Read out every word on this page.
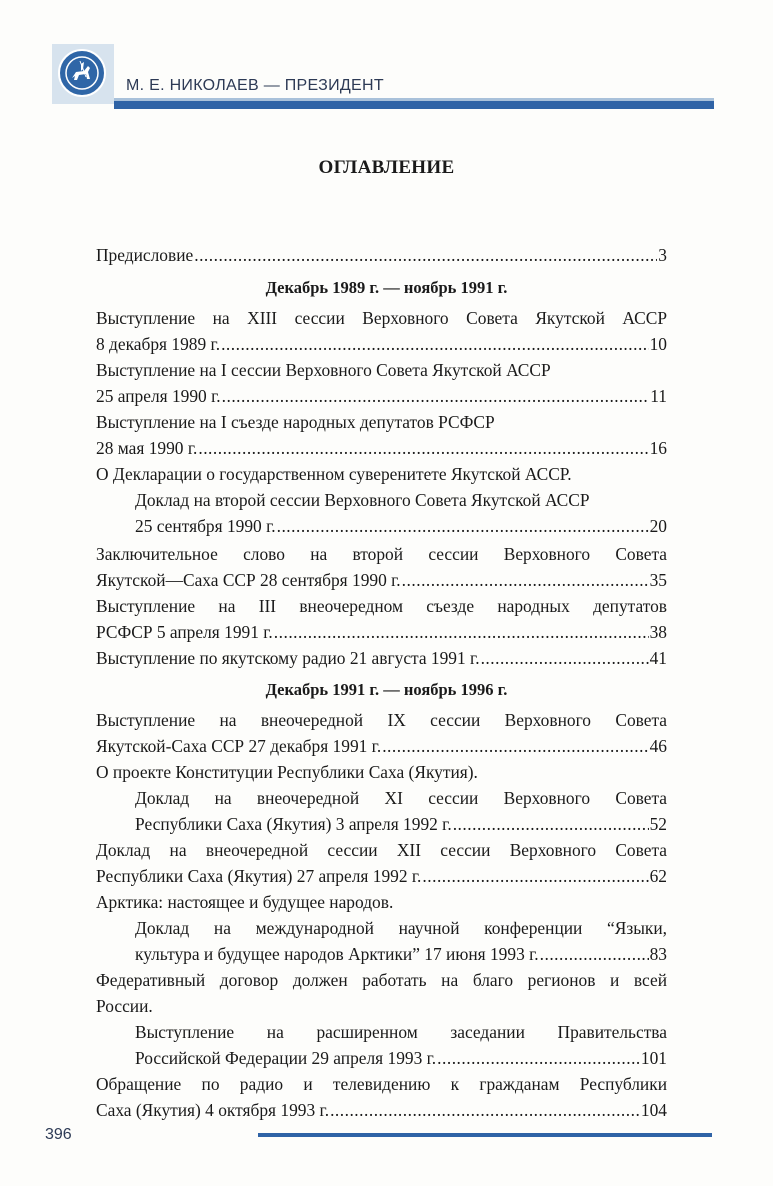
М. Е. НИКОЛАЕВ — ПРЕЗИДЕНТ
ОГЛАВЛЕНИЕ
Предисловие .....	3
Декабрь 1989 г. — ноябрь 1991 г.
Выступление на XIII сессии Верховного Совета Якутской АССР
8 декабря 1989 г. .....	10
Выступление на I сессии Верховного Совета Якутской АССР
25 апреля 1990 г. .....	11
Выступление на I съезде народных депутатов РСФСР
28 мая 1990 г. .....	16
О Декларации о государственном суверенитете Якутской АССР.
Доклад на второй сессии Верховного Совета Якутской АССР
25 сентября 1990 г. .....	20
Заключительное слово на второй сессии Верховного Совета
Якутской—Саха ССР 28 сентября 1990 г. .....	35
Выступление на III внеочередном съезде народных депутатов
РСФСР 5 апреля 1991 г. .....	38
Выступление по якутскому радио 21 августа 1991 г. .....	41
Декабрь 1991 г. — ноябрь 1996 г.
Выступление на внеочередной IX сессии Верховного Совета
Якутской-Саха ССР 27 декабря 1991 г. .....	46
О проекте Конституции Республики Саха (Якутия).
Доклад на внеочередной XI сессии Верховного Совета
Республики Саха (Якутия) 3 апреля 1992 г. .....	52
Доклад на внеочередной сессии XII сессии Верховного Совета
Республики Саха (Якутия) 27 апреля 1992 г. .....	62
Арктика: настоящее и будущее народов.
Доклад на международной научной конференции “Языки,
культура и будущее народов Арктики” 17 июня 1993 г. .....	83
Федеративный договор должен работать на благо регионов и всей
России.
Выступление на расширенном заседании Правительства
Российской Федерации 29 апреля 1993 г. .....	101
Обращение по радио и телевидению к гражданам Республики
Саха (Якутия) 4 октября 1993 г. .....	104
396
